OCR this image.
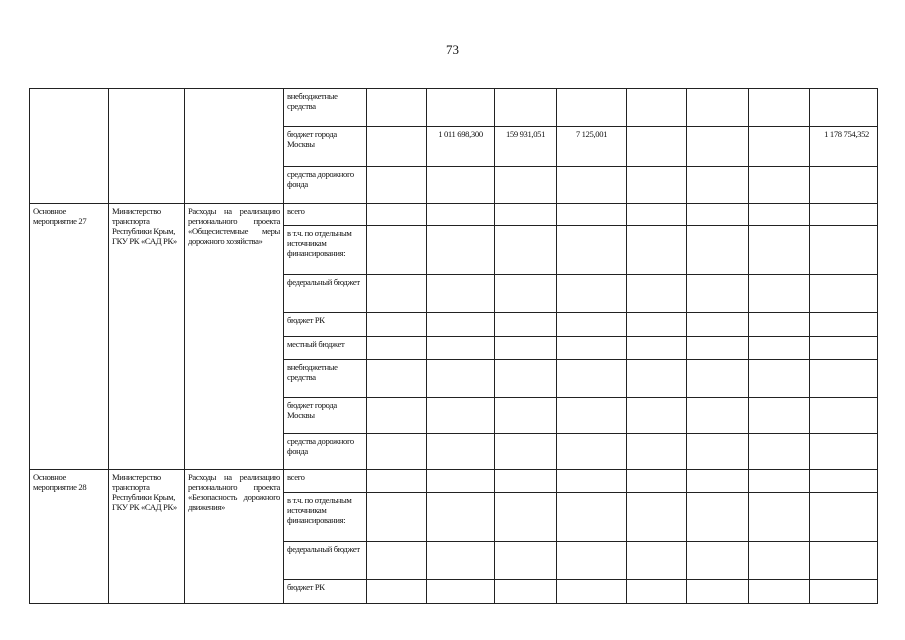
73
			внебюджетные средства								
			бюджет города Москвы		1 011 698,300	159 931,051	7 125,001				1 178 754,352
			средства дорожного фонда								
Основное мероприятие 27	Министерство транспорта Республики Крым, ГКУ РК «САД РК»	Расходы на реализацию регионального проекта «Общесистемные меры дорожного хозяйства»	всего								
			в т.ч. по отдельным источникам финансирования:								
			федеральный бюджет								
			бюджет РК								
			местный бюджет								
			внебюджетные средства								
			бюджет города Москвы								
			средства дорожного фонда								
Основное мероприятие 28	Министерство транспорта Республики Крым, ГКУ РК «САД РК»	Расходы на реализацию регионального проекта «Безопасность дорожного движения»	всего								
			в т.ч. по отдельным источникам финансирования:								
			федеральный бюджет								
			бюджет РК								
